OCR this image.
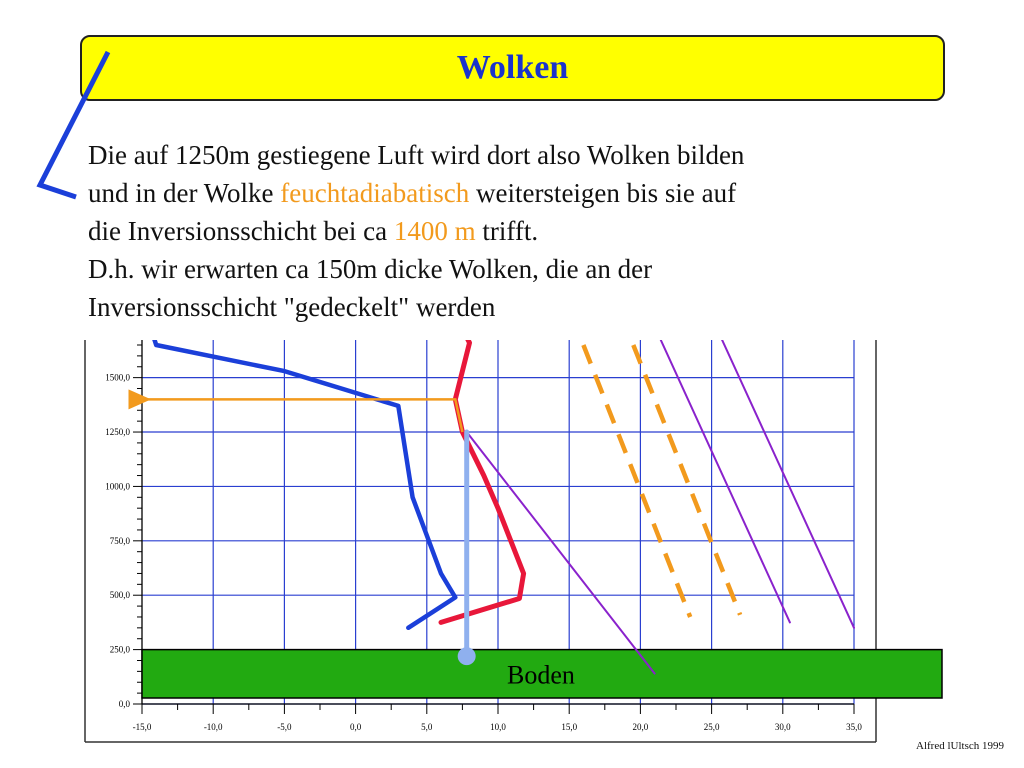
Wolken
Die auf 1250m gestiegene Luft wird dort also Wolken bilden
und in der Wolke feuchtadiabatisch weitersteigen bis sie auf
die Inversionsschicht bei ca 1400 m trifft.
D.h. wir erwarten ca 150m dicke Wolken, die an der
Inversionsschicht "gedeckelt" werden
0,0
250,0
500,0
750,0
1000,0
1250,0
1500,0
-15,0	-10,0	-5,0	0,0	5,0	10,0	15,0	20,0	25,0	30,0	35,0
Boden
Alfred lUltsch 1999
